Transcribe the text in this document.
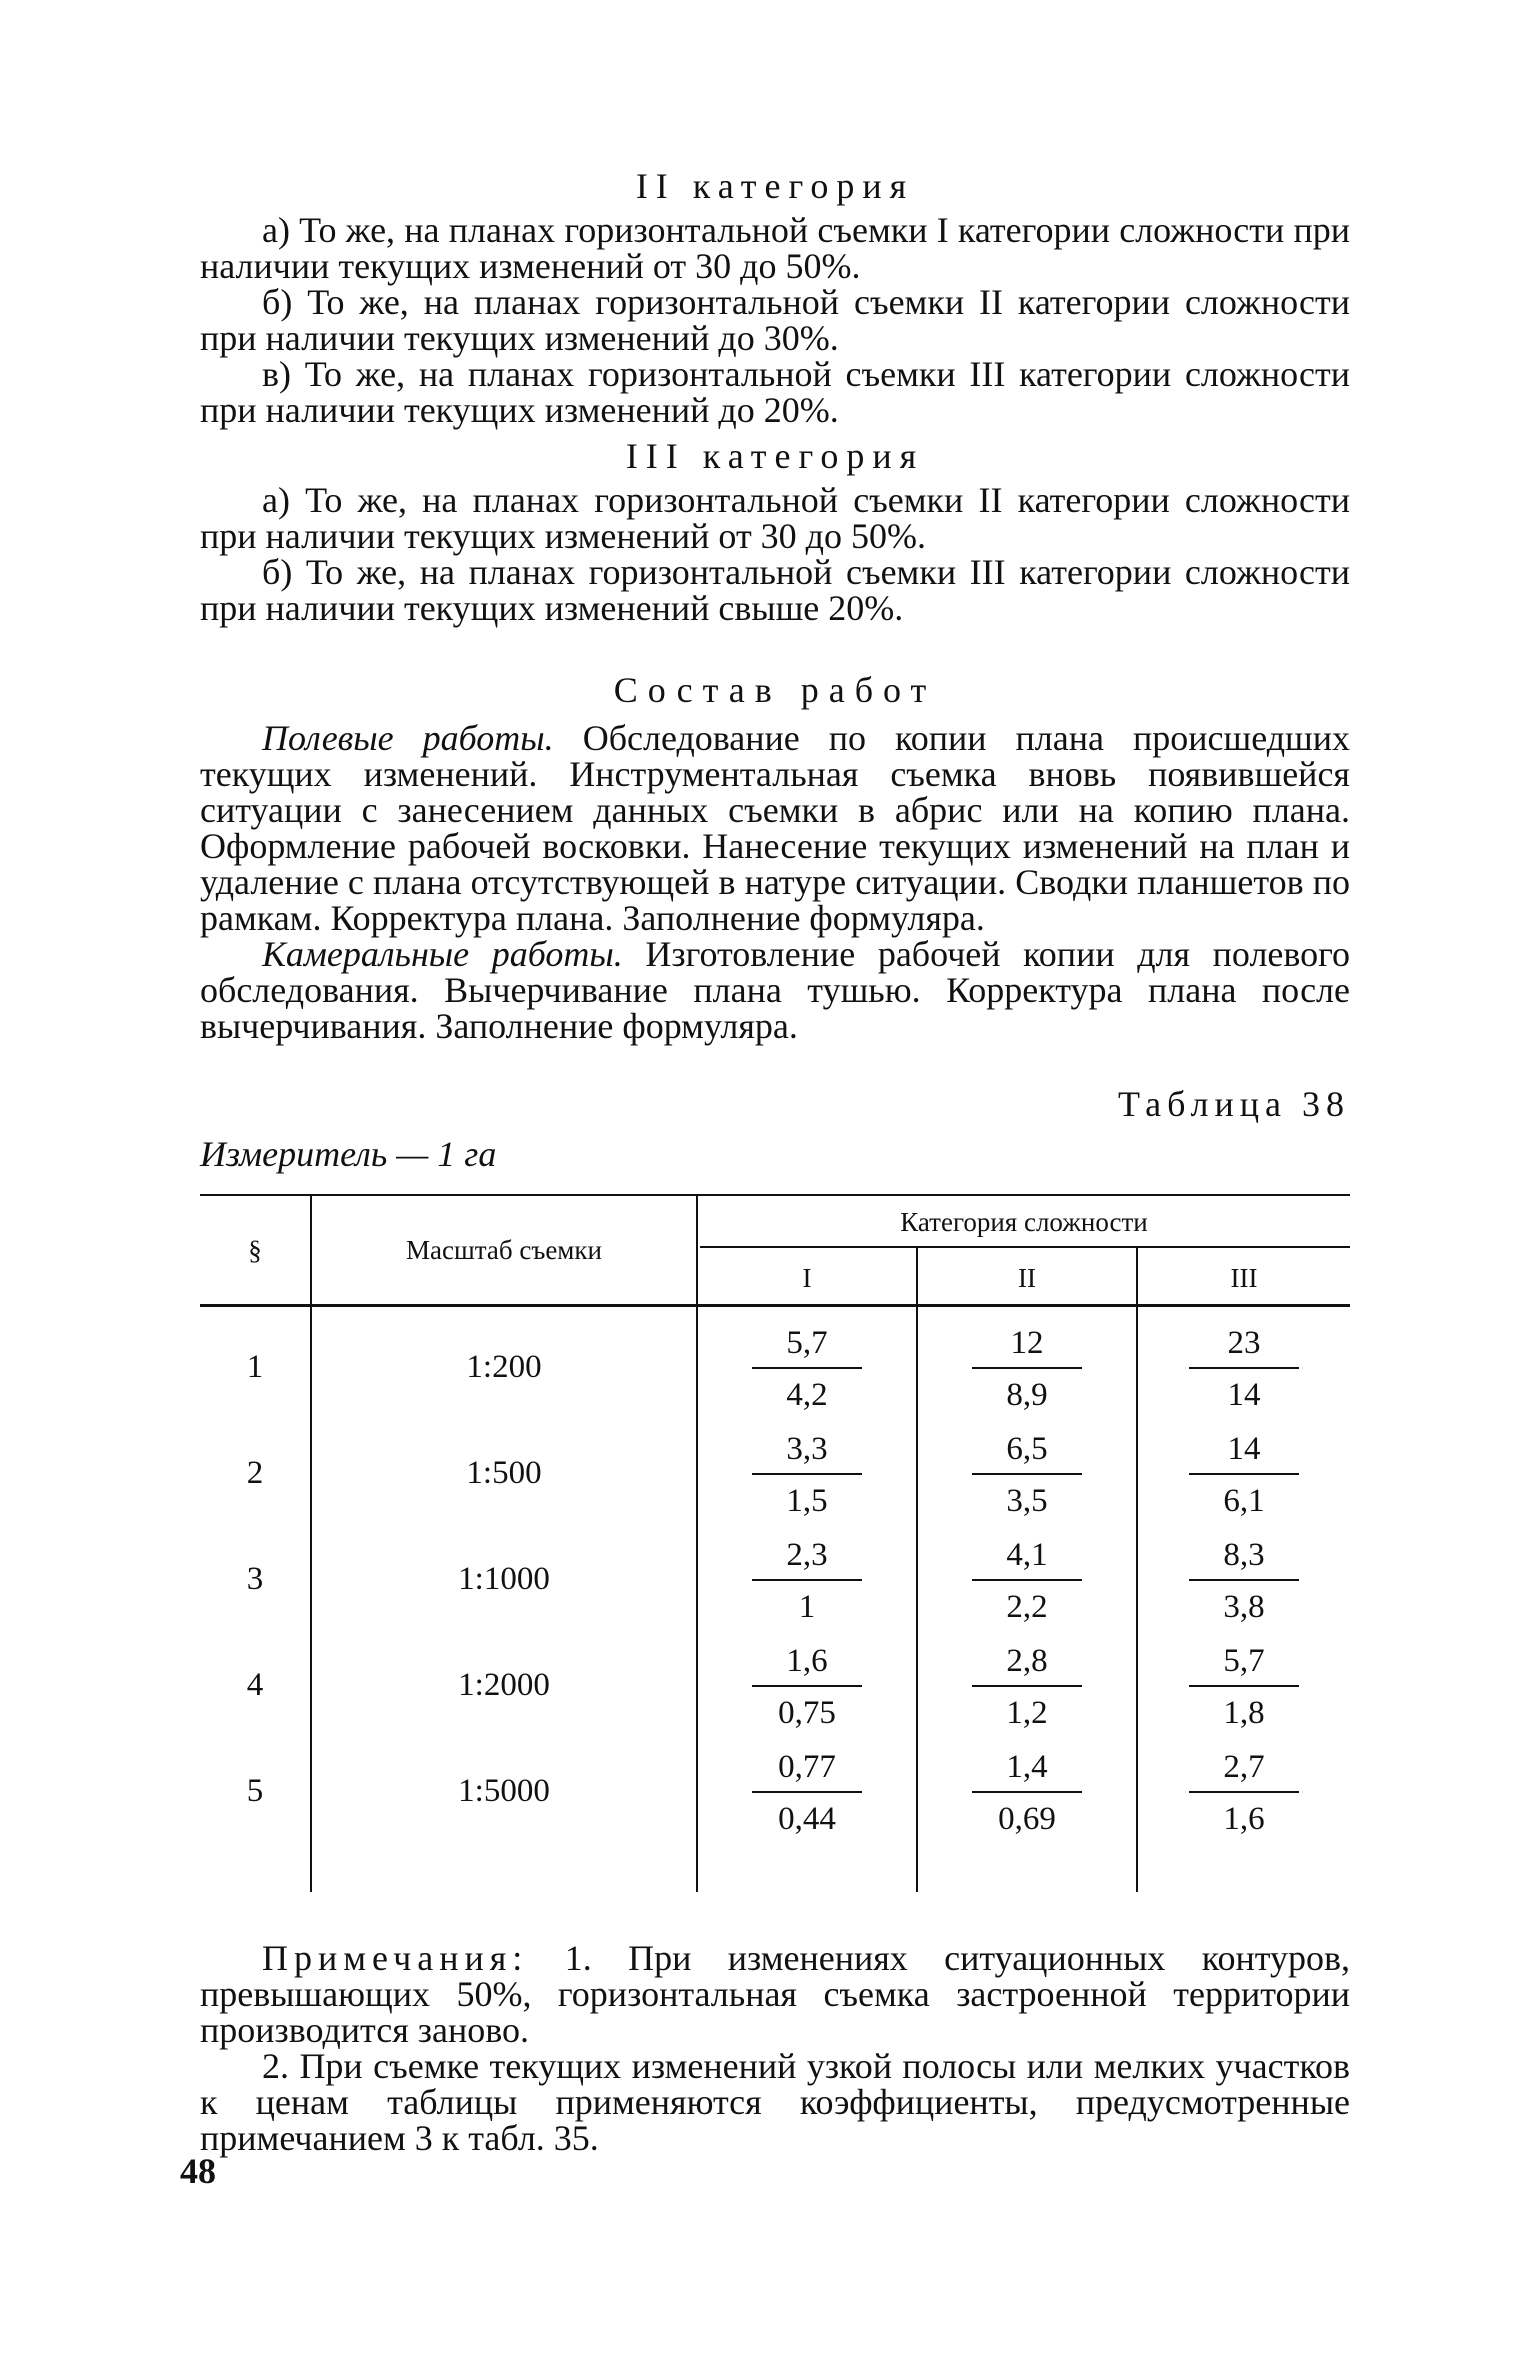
II категория

а) То же, на планах горизонтальной съемки I категории сложности при наличии текущих изменений от 30 до 50%.

б) То же, на планах горизонтальной съемки II категории сложности при наличии текущих изменений до 30%.

в) То же, на планах горизонтальной съемки III категории сложности при наличии текущих изменений до 20%.

III категория

а) То же, на планах горизонтальной съемки II категории сложности при наличии текущих изменений от 30 до 50%.

б) То же, на планах горизонтальной съемки III категории сложности при наличии текущих изменений свыше 20%.

Состав работ

Полевые работы. Обследование по копии плана происшедших текущих изменений. Инструментальная съемка вновь появившейся ситуации с занесением данных съемки в абрис или на копию плана. Оформление рабочей восковки. Нанесение текущих изменений на план и удаление с плана отсутствующей в натуре ситуации. Сводки планшетов по рамкам. Корректура плана. Заполнение формуляра.

Камеральные работы. Изготовление рабочей копии для полевого обследования. Вычерчивание плана тушью. Корректура плана после вычерчивания. Заполнение формуляра.

Измеритель — 1 га
Таблица 38
§	Масштаб съемки
Категория сложности
I	II	III
1	1:200	$\frac{5,7}{4,2}$	$\frac{12}{8,9}$	$\frac{23}{14}$
2	1:500	$\frac{3,3}{1,5}$	$\frac{6,5}{3,5}$	$\frac{14}{6,1}$
3	1:1000	$\frac{2,3}{1}$	$\frac{4,1}{2,2}$	$\frac{8,3}{3,8}$
4	1:2000	$\frac{1,6}{0,75}$	$\frac{2,8}{1,2}$	$\frac{5,7}{1,8}$
5	1:5000	$\frac{0,77}{0,44}$	$\frac{1,4}{0,69}$	$\frac{2,7}{1,6}$

Примечания: 1. При изменениях ситуационных контуров, превышающих 50%, горизонтальная съемка застроенной территории производится заново.

2. При съемке текущих изменений узкой полосы или мелких участков к ценам таблицы применяются коэффициенты, предусмотренные примечанием 3 к табл. 35.

48
